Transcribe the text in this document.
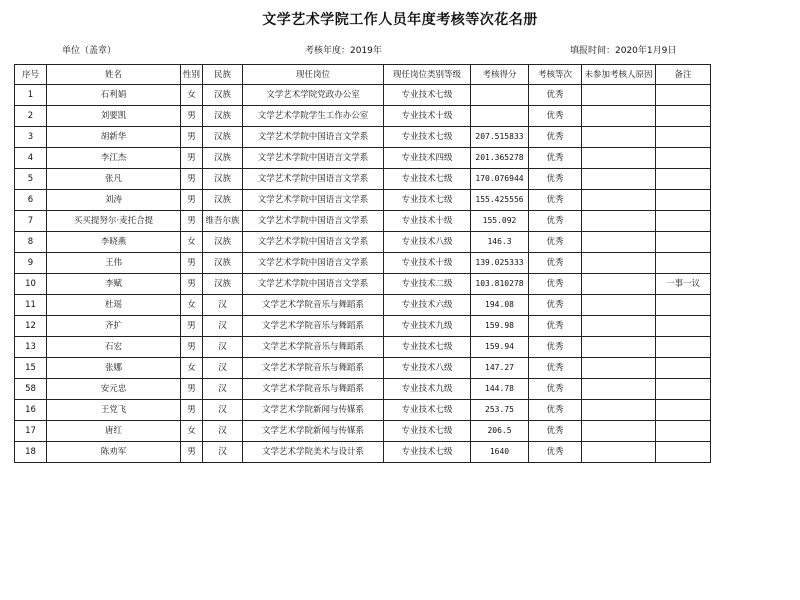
文学艺术学院工作人员年度考核等次花名册
单位（盖章）	考核年度：2019年	填报时间：2020年1月9日
序号	姓名	性别	民族	现任岗位	现任岗位类别等级	考核得分	考核等次	未参加考核人原因	备注
1	石利娟	女	汉族	文学艺术学院党政办公室	专业技术七级		优秀		
2	刘要凯	男	汉族	文学艺术学院学生工作办公室	专业技术十级		优秀		
3	胡新华	男	汉族	文学艺术学院中国语言文学系	专业技术七级	207.515833	优秀		
4	李江杰	男	汉族	文学艺术学院中国语言文学系	专业技术四级	201.365278	优秀		
5	张凡	男	汉族	文学艺术学院中国语言文学系	专业技术七级	170.076944	优秀		
6	刘涛	男	汉族	文学艺术学院中国语言文学系	专业技术七级	155.425556	优秀		
7	买买提努尔·麦托合提	男	维吾尔族	文学艺术学院中国语言文学系	专业技术十级	155.092	优秀		
8	李晓燕	女	汉族	文学艺术学院中国语言文学系	专业技术八级	146.3	优秀		
9	王伟	男	汉族	文学艺术学院中国语言文学系	专业技术十级	139.025333	优秀		
10	李赋	男	汉族	文学艺术学院中国语言文学系	专业技术二级	103.810278	优秀		一事一议
11	杜瑶	女	汉	文学艺术学院音乐与舞蹈系	专业技术六级	194.08	优秀		
12	齐扩	男	汉	文学艺术学院音乐与舞蹈系	专业技术九级	159.98	优秀		
13	石宏	男	汉	文学艺术学院音乐与舞蹈系	专业技术七级	159.94	优秀		
15	张娜	女	汉	文学艺术学院音乐与舞蹈系	专业技术八级	147.27	优秀		
58	安元忠	男	汉	文学艺术学院音乐与舞蹈系	专业技术九级	144.78	优秀		
16	王党飞	男	汉	文学艺术学院新闻与传媒系	专业技术七级	253.75	优秀		
17	唐红	女	汉	文学艺术学院新闻与传媒系	专业技术七级	206.5	优秀		
18	陈劝军	男	汉	文学艺术学院美术与设计系	专业技术七级	1640	优秀		
